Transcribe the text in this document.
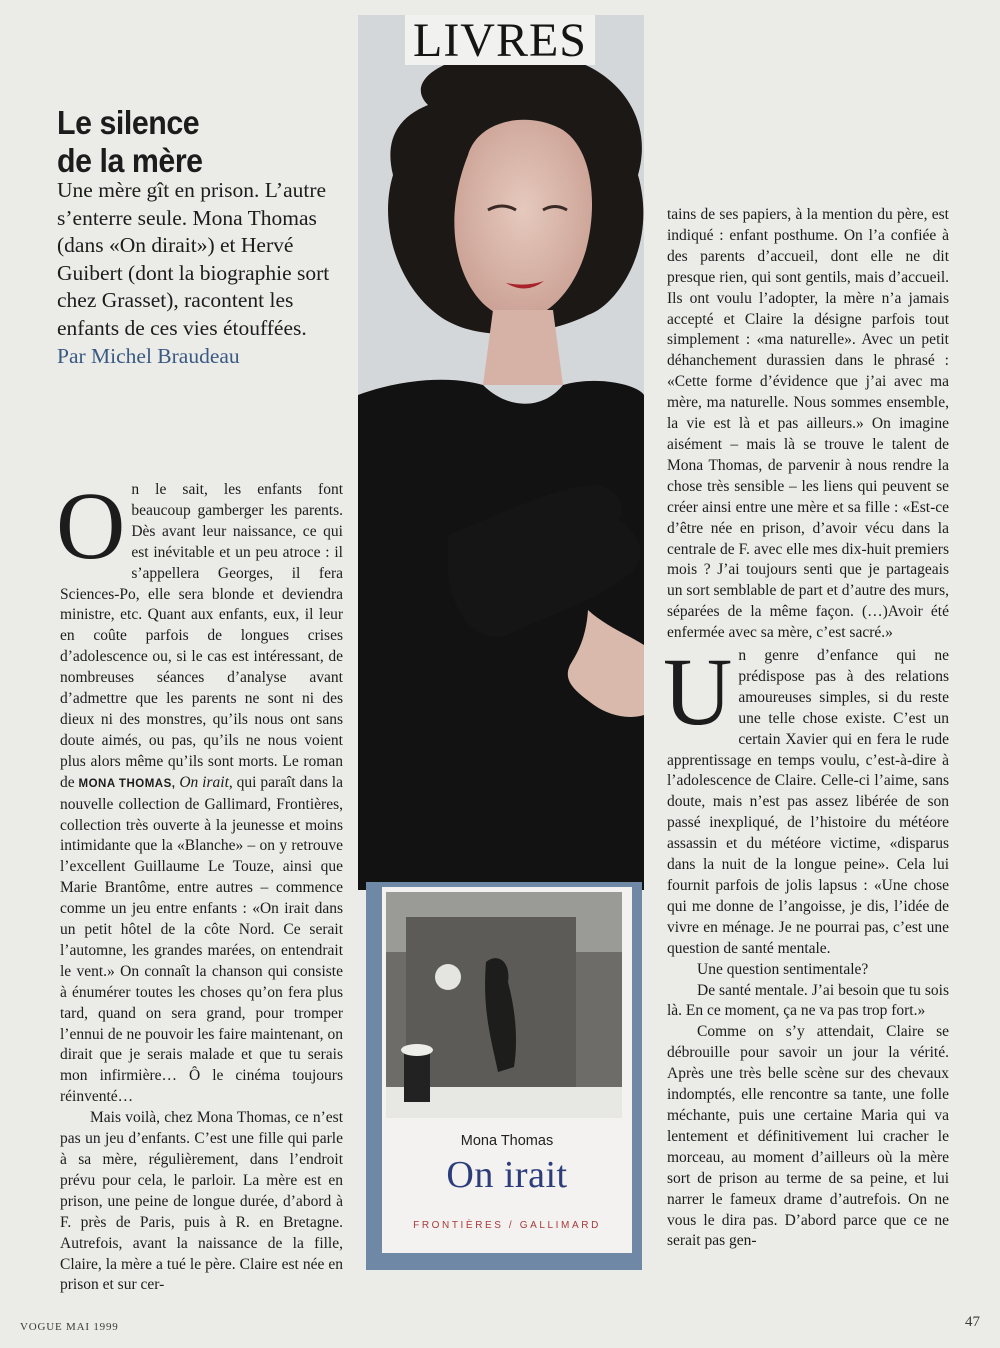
LIVRES
Le silence
de la mère
Une mère gît en prison. L’autre s’enterre seule. Mona Thomas (dans «On dirait») et Hervé Guibert (dont la biographie sort chez Grasset), racontent les enfants de ces vies étouffées.
Par Michel Braudeau

On le sait, les enfants font beaucoup gamberger les parents. Dès avant leur naissance, ce qui est inévitable et un peu atroce : il s’appellera Georges, il fera Sciences-Po, elle sera blonde et deviendra ministre, etc. Quant aux enfants, eux, il leur en coûte parfois de longues crises d’adolescence ou, si le cas est intéressant, de nombreuses séances d’analyse avant d’admettre que les parents ne sont ni des dieux ni des monstres, qu’ils nous ont sans doute aimés, ou pas, qu’ils ne nous voient plus alors même qu’ils sont morts. Le roman de MONA THOMAS, On irait, qui paraît dans la nouvelle collection de Gallimard, Frontières, collection très ouverte à la jeunesse et moins intimidante que la «Blanche» – on y retrouve l’excellent Guillaume Le Touze, ainsi que Marie Brantôme, entre autres – commence comme un jeu entre enfants : «On irait dans un petit hôtel de la côte Nord. Ce serait l’automne, les grandes marées, on entendrait le vent.» On connaît la chanson qui consiste à énumérer toutes les choses qu’on fera plus tard, quand on sera grand, pour tromper l’ennui de ne pouvoir les faire maintenant, on dirait que je serais malade et que tu serais mon infirmière… Ô le cinéma toujours réinventé…

Mais voilà, chez Mona Thomas, ce n’est pas un jeu d’enfants. C’est une fille qui parle à sa mère, régulièrement, dans l’endroit prévu pour cela, le parloir. La mère est en prison, une peine de longue durée, d’abord à F. près de Paris, puis à R. en Bretagne. Autrefois, avant la naissance de la fille, Claire, la mère a tué le père. Claire est née en prison et sur cer-

tains de ses papiers, à la mention du père, est indiqué : enfant posthume. On l’a confiée à des parents d’accueil, dont elle ne dit presque rien, qui sont gentils, mais d’accueil. Ils ont voulu l’adopter, la mère n’a jamais accepté et Claire la désigne parfois tout simplement : «ma naturelle». Avec un petit déhanchement durassien dans le phrasé : «Cette forme d’évidence que j’ai avec ma mère, ma naturelle. Nous sommes ensemble, la vie est là et pas ailleurs.» On imagine aisément – mais là se trouve le talent de Mona Thomas, de parvenir à nous rendre la chose très sensible – les liens qui peuvent se créer ainsi entre une mère et sa fille : «Est-ce d’être née en prison, d’avoir vécu dans la centrale de F. avec elle mes dix-huit premiers mois ? J’ai toujours senti que je partageais un sort semblable de part et d’autre des murs, séparées de la même façon. (…)Avoir été enfermée avec sa mère, c’est sacré.»

Un genre d’enfance qui ne prédispose pas à des relations amoureuses simples, si du reste une telle chose existe. C’est un certain Xavier qui en fera le rude apprentissage en temps voulu, c’est-à-dire à l’adolescence de Claire. Celle-ci l’aime, sans doute, mais n’est pas assez libérée de son passé inexpliqué, de l’histoire du météore assassin et du météore victime, «disparus dans la nuit de la longue peine». Cela lui fournit parfois de jolis lapsus : «Une chose qui me donne de l’angoisse, je dis, l’idée de vivre en ménage. Je ne pourrai pas, c’est une question de santé mentale.

Une question sentimentale?

De santé mentale. J’ai besoin que tu sois là. En ce moment, ça ne va pas trop fort.»

Comme on s’y attendait, Claire se débrouille pour savoir un jour la vérité. Après une très belle scène sur des chevaux indomptés, elle rencontre sa tante, une folle méchante, puis une certaine Maria qui va lentement et définitivement lui cracher le morceau, au moment d’ailleurs où la mère sort de prison au terme de sa peine, et lui narrer le fameux drame d’autrefois. On ne vous le dira pas. D’abord parce que ce ne serait pas gen-

Mona Thomas
On irait
FRONTIÈRES / GALLIMARD
VOGUE MAI 1999	47
